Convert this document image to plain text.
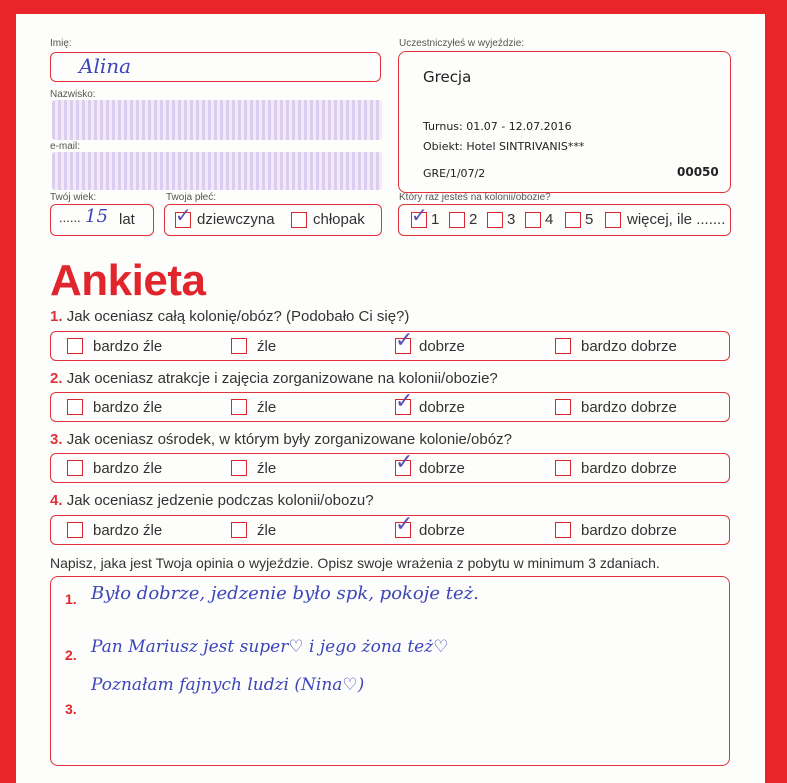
Imię:
Alina
Nazwisko:
e-mail:
Uczestniczyłeś w wyjeździe:
Grecja
Turnus: 01.07 - 12.07.2016
Obiekt: Hotel SINTRIVANIS***
GRE/1/07/2	00050
Twój wiek:
...... 15 lat
Twoja płeć:
✓ dziewczyna	chłopak
Który raz jesteś na kolonii/obozie?
✓ 1 2 3 4 5 więcej, ile .......
Ankieta
1. Jak oceniasz całą kolonię/obóz? (Podobało Ci się?)
bardzo źle	źle	✓ dobrze	bardzo dobrze
2. Jak oceniasz atrakcje i zajęcia zorganizowane na kolonii/obozie?
bardzo źle	źle	✓ dobrze	bardzo dobrze
3. Jak oceniasz ośrodek, w którym były zorganizowane kolonie/obóz?
bardzo źle	źle	✓ dobrze	bardzo dobrze
4. Jak oceniasz jedzenie podczas kolonii/obozu?
bardzo źle	źle	✓ dobrze	bardzo dobrze
Napisz, jaka jest Twoja opinia o wyjeździe. Opisz swoje wrażenia z pobytu w minimum 3 zdaniach.
1. Było dobrze, jedzenie było spk, pokoje też.
2. Pan Mariusz jest super♡ i jego żona też♡
Poznałam fajnych ludzi (Nina♡)
3.
